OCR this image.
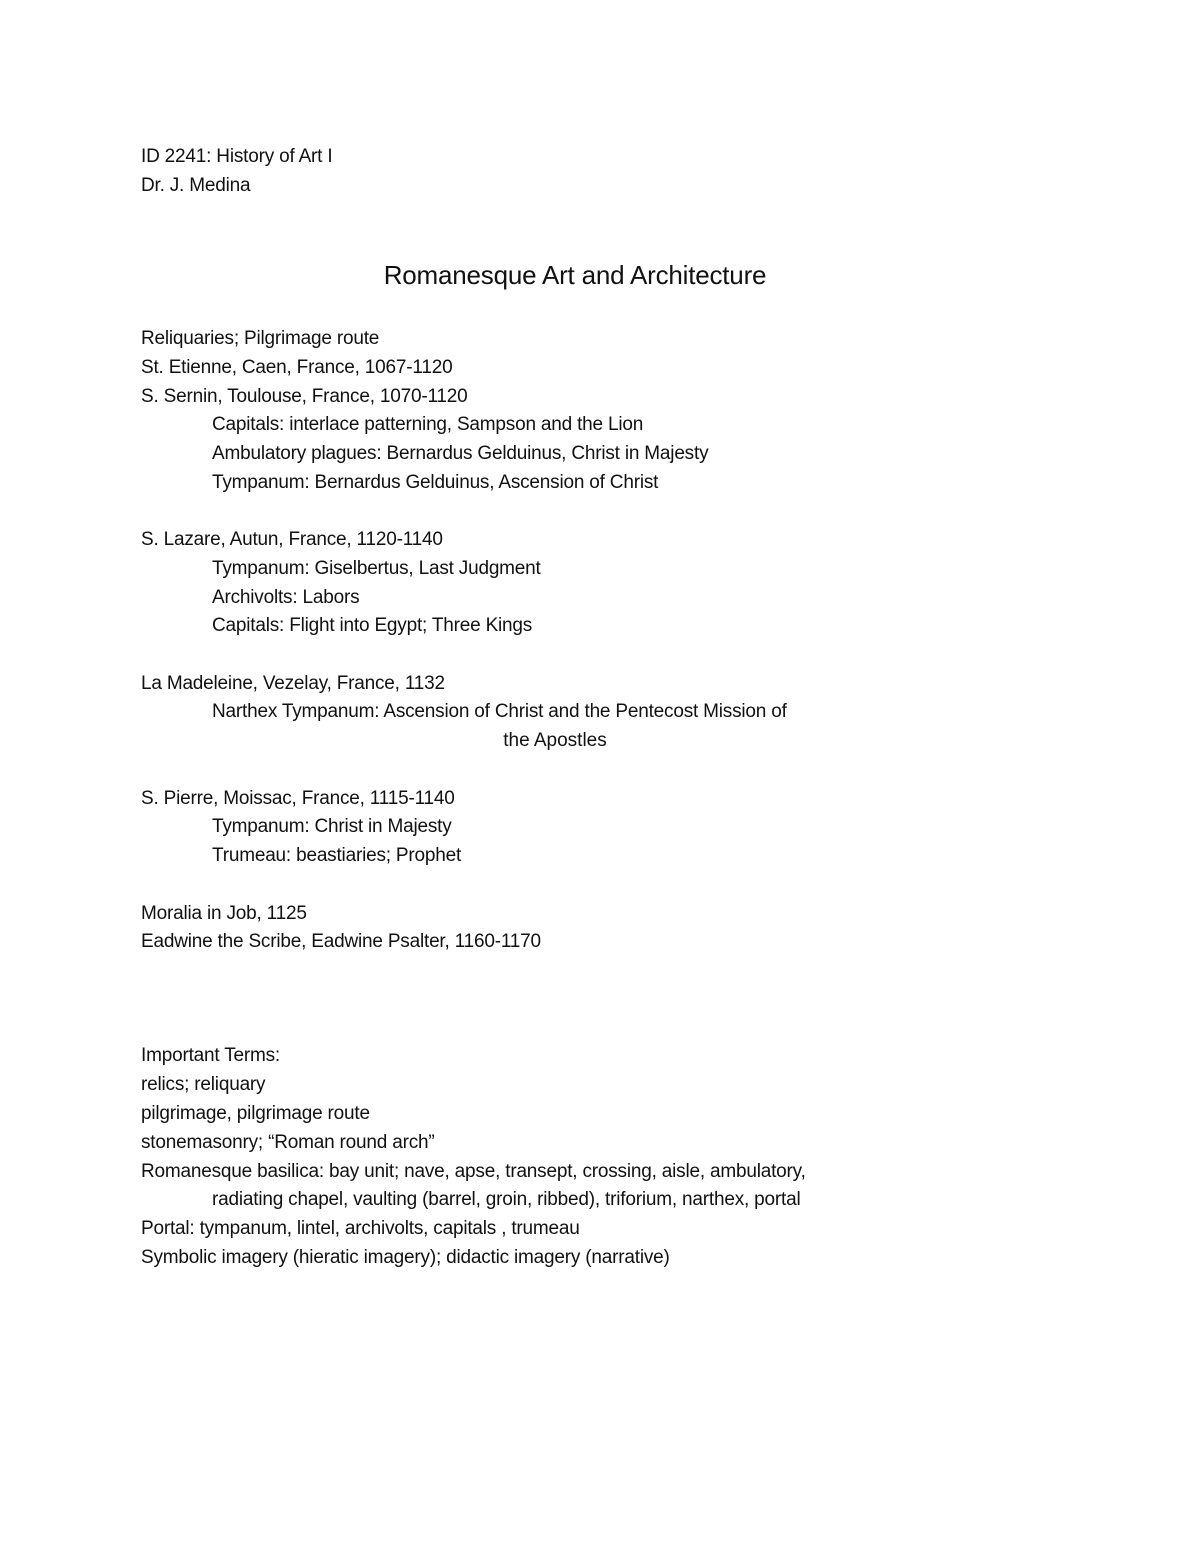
ID 2241: History of Art I
Dr. J. Medina
Romanesque Art and Architecture
Reliquaries; Pilgrimage route
St. Etienne, Caen, France, 1067-1120
S. Sernin, Toulouse, France, 1070-1120
Capitals: interlace patterning, Sampson and the Lion
Ambulatory plagues: Bernardus Gelduinus, Christ in Majesty
Tympanum: Bernardus Gelduinus, Ascension of Christ
S. Lazare, Autun, France, 1120-1140
Tympanum: Giselbertus, Last Judgment
Archivolts: Labors
Capitals: Flight into Egypt; Three Kings
La Madeleine, Vezelay, France, 1132
Narthex Tympanum: Ascension of Christ and the Pentecost Mission of
the Apostles
S. Pierre, Moissac, France, 1115-1140
Tympanum: Christ in Majesty
Trumeau: beastiaries; Prophet
Moralia in Job, 1125
Eadwine the Scribe, Eadwine Psalter, 1160-1170
Important Terms:
relics; reliquary
pilgrimage, pilgrimage route
stonemasonry; “Roman round arch”
Romanesque basilica: bay unit; nave, apse, transept, crossing, aisle, ambulatory,
radiating chapel, vaulting (barrel, groin, ribbed), triforium, narthex, portal
Portal: tympanum, lintel, archivolts, capitals , trumeau
Symbolic imagery (hieratic imagery); didactic imagery (narrative)
